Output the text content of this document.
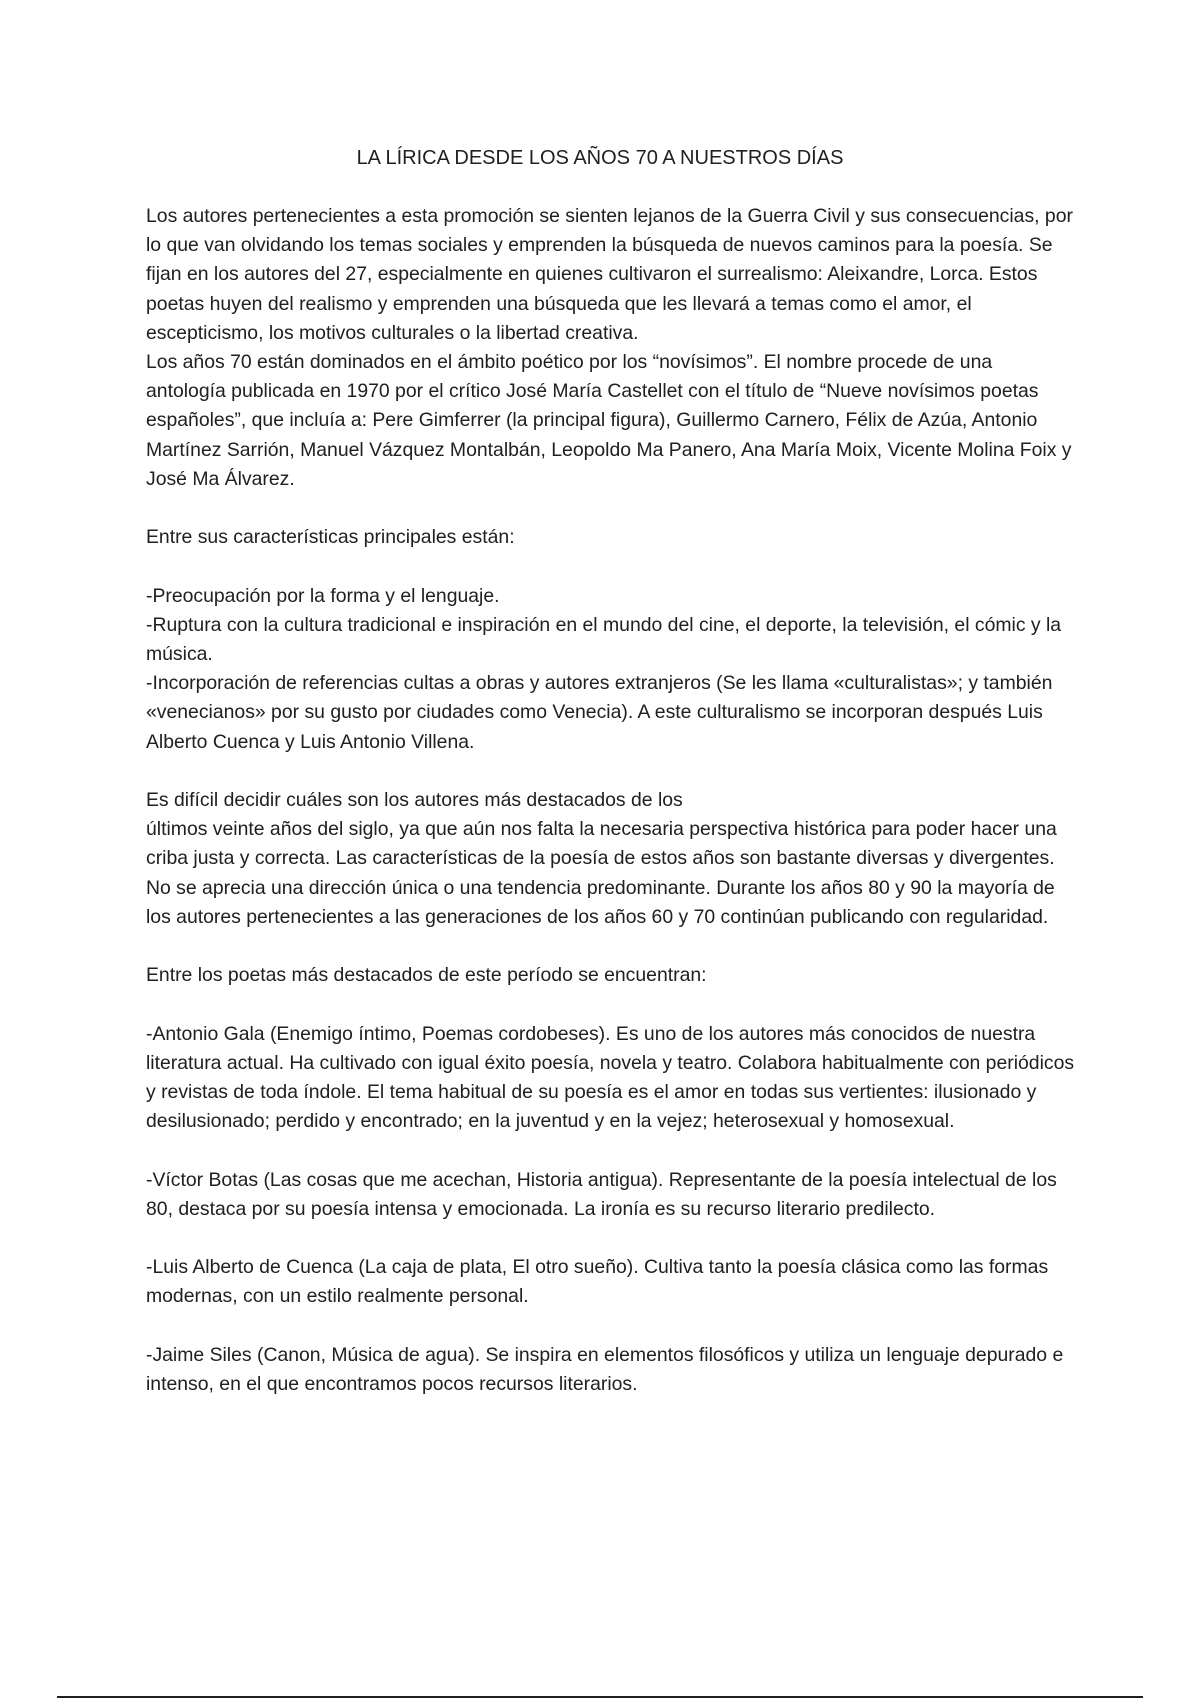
LA LÍRICA DESDE LOS AÑOS 70 A NUESTROS DÍAS

Los autores pertenecientes a esta promoción se sienten lejanos de la Guerra Civil y sus consecuencias, por lo que van olvidando los temas sociales y emprenden la búsqueda de nuevos caminos para la poesía. Se fijan en los autores del 27, especialmente en quienes cultivaron el surrealismo: Aleixandre, Lorca. Estos poetas huyen del realismo y emprenden una búsqueda que les llevará a temas como el amor, el escepticismo, los motivos culturales o la libertad creativa.

Los años 70 están dominados en el ámbito poético por los “novísimos”. El nombre procede de una antología publicada en 1970 por el crítico José María Castellet con el título de “Nueve novísimos poetas españoles”, que incluía a: Pere Gimferrer (la principal figura), Guillermo Carnero, Félix de Azúa, Antonio Martínez Sarrión, Manuel Vázquez Montalbán, Leopoldo Ma Panero, Ana María Moix, Vicente Molina Foix y José Ma Álvarez.

Entre sus características principales están:

-Preocupación por la forma y el lenguaje.

-Ruptura con la cultura tradicional e inspiración en el mundo del cine, el deporte, la televisión, el cómic y la música.

-Incorporación de referencias cultas a obras y autores extranjeros (Se les llama «culturalistas»; y también «venecianos» por su gusto por ciudades como Venecia). A este culturalismo se incorporan después Luis Alberto Cuenca y Luis Antonio Villena.

Es difícil decidir cuáles son los autores más destacados de los

últimos veinte años del siglo, ya que aún nos falta la necesaria perspectiva histórica para poder hacer una criba justa y correcta. Las características de la poesía de estos años son bastante diversas y divergentes. No se aprecia una dirección única o una tendencia predominante. Durante los años 80 y 90 la mayoría de los autores pertenecientes a las generaciones de los años 60 y 70 continúan publicando con regularidad.

Entre los poetas más destacados de este período se encuentran:

-Antonio Gala (Enemigo íntimo, Poemas cordobeses). Es uno de los autores más conocidos de nuestra literatura actual. Ha cultivado con igual éxito poesía, novela y teatro. Colabora habitualmente con periódicos y revistas de toda índole. El tema habitual de su poesía es el amor en todas sus vertientes: ilusionado y desilusionado; perdido y encontrado; en la juventud y en la vejez; heterosexual y homosexual.

-Víctor Botas (Las cosas que me acechan, Historia antigua). Representante de la poesía intelectual de los 80, destaca por su poesía intensa y emocionada. La ironía es su recurso literario predilecto.

-Luis Alberto de Cuenca (La caja de plata, El otro sueño). Cultiva tanto la poesía clásica como las formas modernas, con un estilo realmente personal.

-Jaime Siles (Canon, Música de agua). Se inspira en elementos filosóficos y utiliza un lenguaje depurado e intenso, en el que encontramos pocos recursos literarios.
